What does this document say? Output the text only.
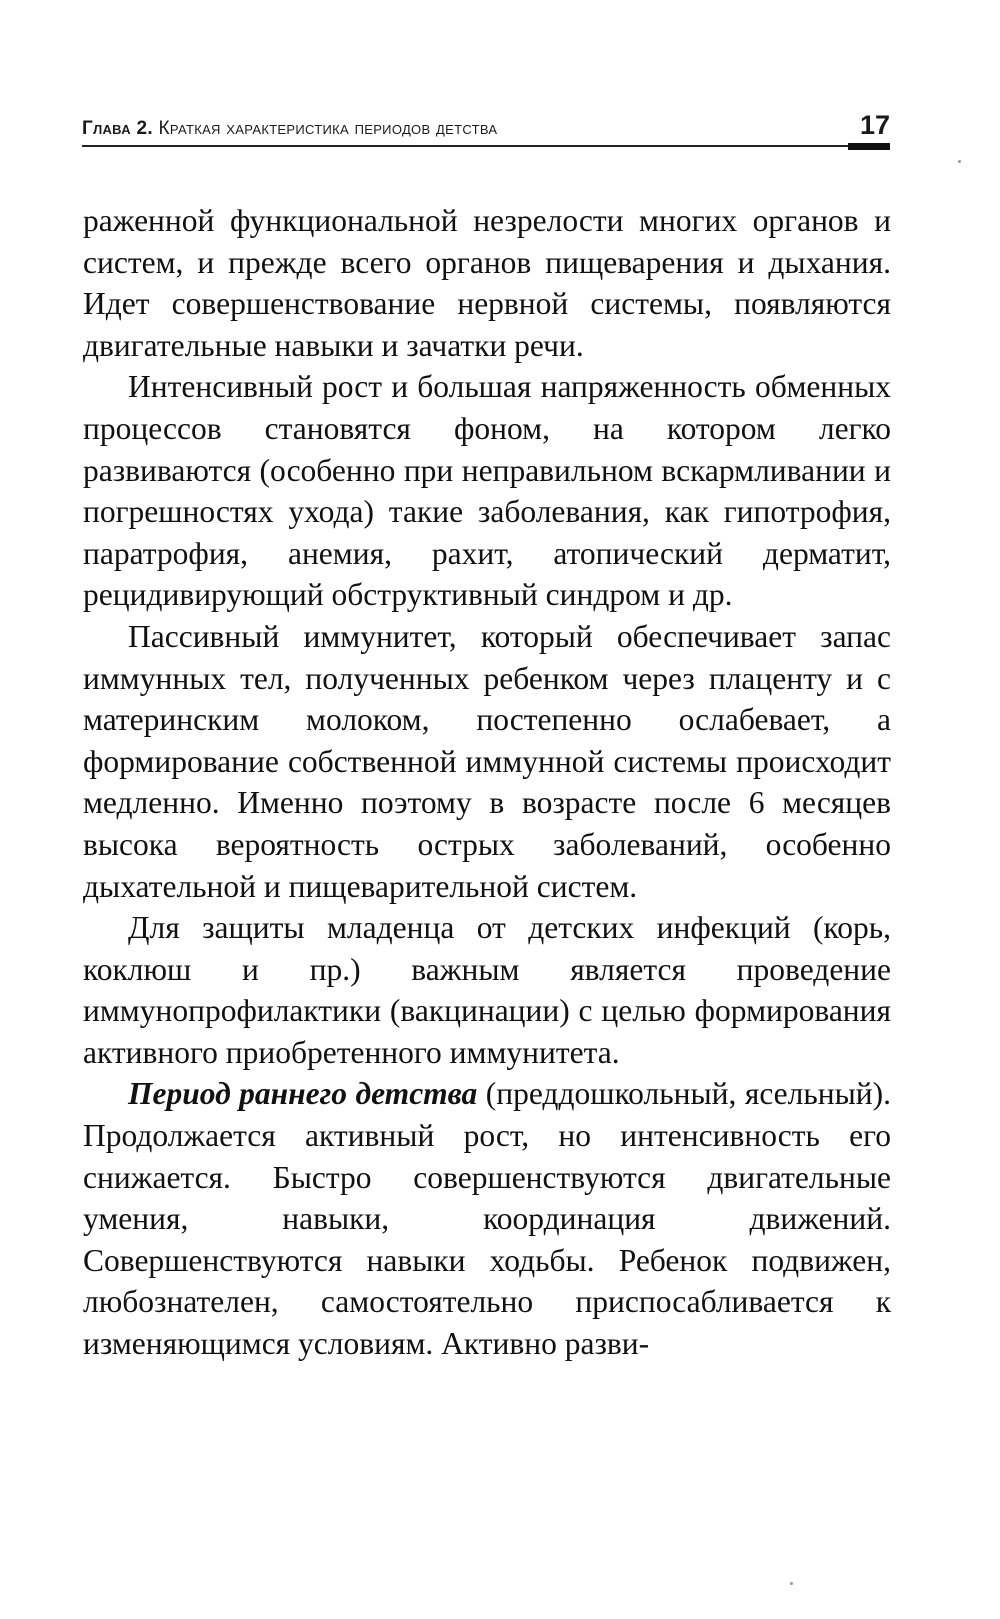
Глава 2. Краткая характеристика периодов детства	17

раженной функциональной незрелости многих органов и систем, и прежде всего органов пищеварения и дыхания. Идет совершенствование нервной системы, появляются двигательные навыки и зачатки речи.

Интенсивный рост и большая напряженность обменных процессов становятся фоном, на котором легко развиваются (особенно при неправильном вскармливании и погрешностях ухода) такие заболевания, как гипотрофия, паратрофия, анемия, рахит, атопический дерматит, рецидивирующий обструктивный синдром и др.

Пассивный иммунитет, который обеспечивает запас иммунных тел, полученных ребенком через плаценту и с материнским молоком, постепенно ослабевает, а формирование собственной иммунной системы происходит медленно. Именно поэтому в возрасте после 6 месяцев высока вероятность острых заболеваний, особенно дыхательной и пищеварительной систем.

Для защиты младенца от детских инфекций (корь, коклюш и пр.) важным является проведение иммунопрофилактики (вакцинации) с целью формирования активного приобретенного иммунитета.

Период раннего детства (преддошкольный, ясельный). Продолжается активный рост, но интенсивность его снижается. Быстро совершенствуются двигательные умения, навыки, координация движений. Совершенствуются навыки ходьбы. Ребенок подвижен, любознателен, самостоятельно приспосабливается к изменяющимся условиям. Активно разви-
